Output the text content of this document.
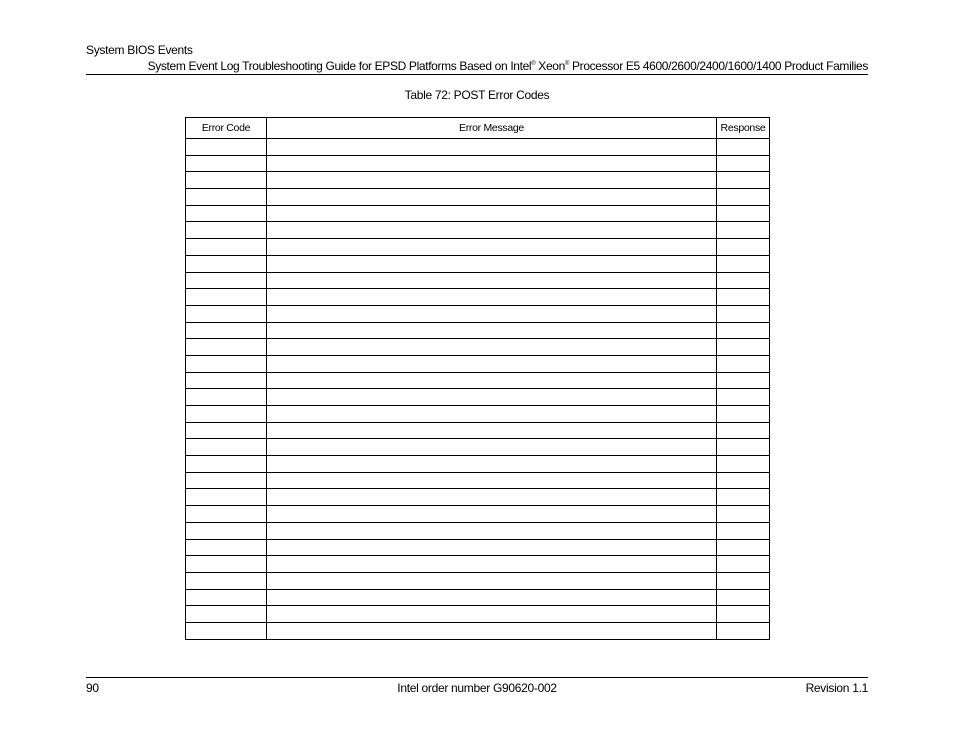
System BIOS Events
System Event Log Troubleshooting Guide for EPSD Platforms Based on Intel® Xeon® Processor E5 4600/2600/2400/1600/1400 Product Families
Table 72: POST Error Codes
Error Code	Error Message	Response

90	Intel order number G90620-002	Revision 1.1
